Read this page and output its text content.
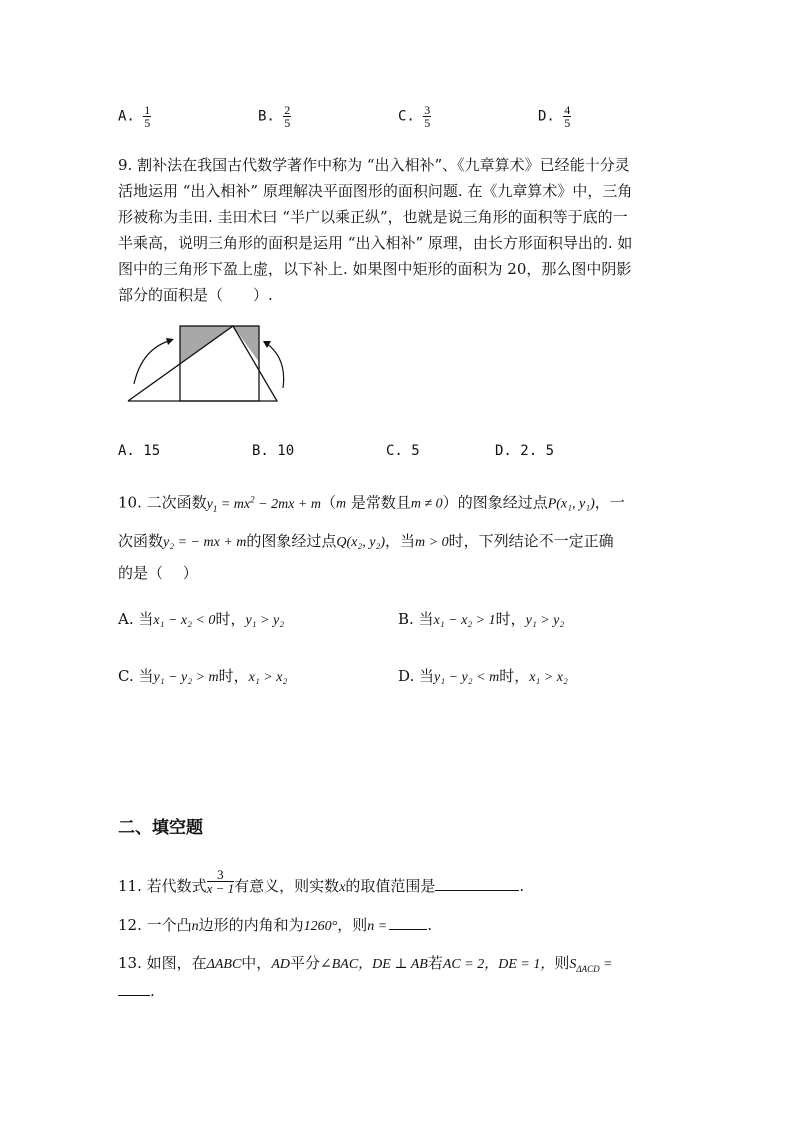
A. $\frac{1}{5}$	B. $\frac{2}{5}$	C. $\frac{3}{5}$	D. $\frac{4}{5}$
9. 割补法在我国古代数学著作中称为 “出入相补”、《九章算术》已经能十分灵
活地运用 “出入相补” 原理解决平面图形的面积问题. 在《九章算术》中，三角
形被称为圭田. 圭田术曰 “半广以乘正纵”，也就是说三角形的面积等于底的一
半乘高，说明三角形的面积是运用 “出入相补” 原理，由长方形面积导出的. 如
图中的三角形下盈上虚，以下补上. 如果图中矩形的面积为 20，那么图中阴影
部分的面积是（　　）.
A. 15	B. 10	C. 5	D. 2. 5
10. 二次函数$y_1 = mx^2 - 2mx + m(m$ 是常数且m ≠ 0）的图象经过点P(x₁, y₁)，一
次函数y₂ = − mx + m的图象经过点Q(x₂, y₂)，当m > 0时，下列结论不一定正确
的是（　 ）
A. 当x₁ − x₂ < 0时，y₁ > y₂	B. 当x₁ − x₂ > 1时，y₁ > y₂
C. 当y₁ − y₂ > m时，x₁ > x₂	D. 当y₁ − y₂ < m时，x₁ > x₂
二、填空题
11. 若代数式 $\frac{3}{x - 1}$ 有意义，则实数x的取值范围是	.
12. 一个凸n边形的内角和为1260°，则n =	.
13. 如图，在ΔABC中，AD平分∠BAC，DE ⊥ AB若AC = 2，DE = 1，则$S_{\Delta ACD}$ =
.
